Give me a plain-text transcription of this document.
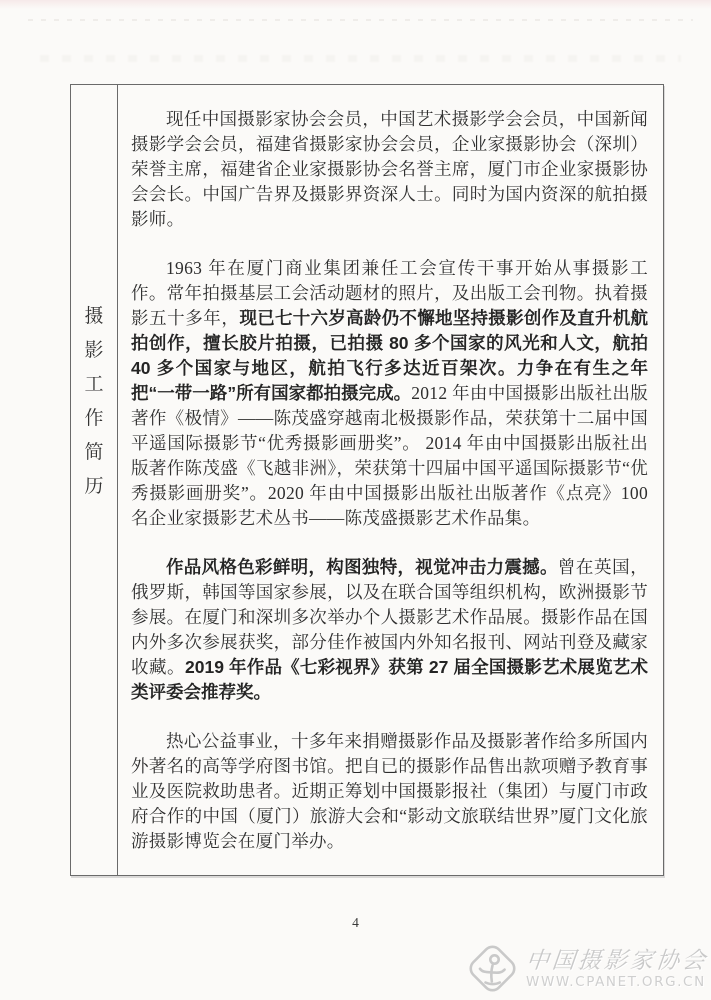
摄
影
工
作
简
历

现任中国摄影家协会会员，中国艺术摄影学会会员，中国新闻摄影学会会员，福建省摄影家协会会员，企业家摄影协会（深圳）荣誉主席，福建省企业家摄影协会名誉主席，厦门市企业家摄影协会会长。中国广告界及摄影界资深人士。同时为国内资深的航拍摄影师。

1963 年在厦门商业集团兼任工会宣传干事开始从事摄影工作。常年拍摄基层工会活动题材的照片，及出版工会刊物。执着摄影五十多年，现已七十六岁高龄仍不懈地坚持摄影创作及直升机航拍创作，擅长胶片拍摄，已拍摄 80 多个国家的风光和人文，航拍 40 多个国家与地区，航拍飞行多达近百架次。力争在有生之年把“一带一路”所有国家都拍摄完成。2012 年由中国摄影出版社出版著作《极情》——陈茂盛穿越南北极摄影作品，荣获第十二届中国平遥国际摄影节“优秀摄影画册奖”。 2014 年由中国摄影出版社出版著作陈茂盛《飞越非洲》，荣获第十四届中国平遥国际摄影节“优秀摄影画册奖”。2020 年由中国摄影出版社出版著作《点亮》100 名企业家摄影艺术丛书——陈茂盛摄影艺术作品集。

作品风格色彩鲜明，构图独特，视觉冲击力震撼。曾在英国，俄罗斯，韩国等国家参展，以及在联合国等组织机构，欧洲摄影节参展。在厦门和深圳多次举办个人摄影艺术作品展。摄影作品在国内外多次参展获奖，部分佳作被国内外知名报刊、网站刊登及藏家收藏。2019 年作品《七彩视界》获第 27 届全国摄影艺术展览艺术类评委会推荐奖。

热心公益事业，十多年来捐赠摄影作品及摄影著作给多所国内外著名的高等学府图书馆。把自已的摄影作品售出款项赠予教育事业及医院救助患者。近期正筹划中国摄影报社（集团）与厦门市政府合作的中国（厦门）旅游大会和“影动文旅联结世界”厦门文化旅游摄影博览会在厦门举办。

4
中国摄影家协会
WWW.CPANET.ORG.CN
